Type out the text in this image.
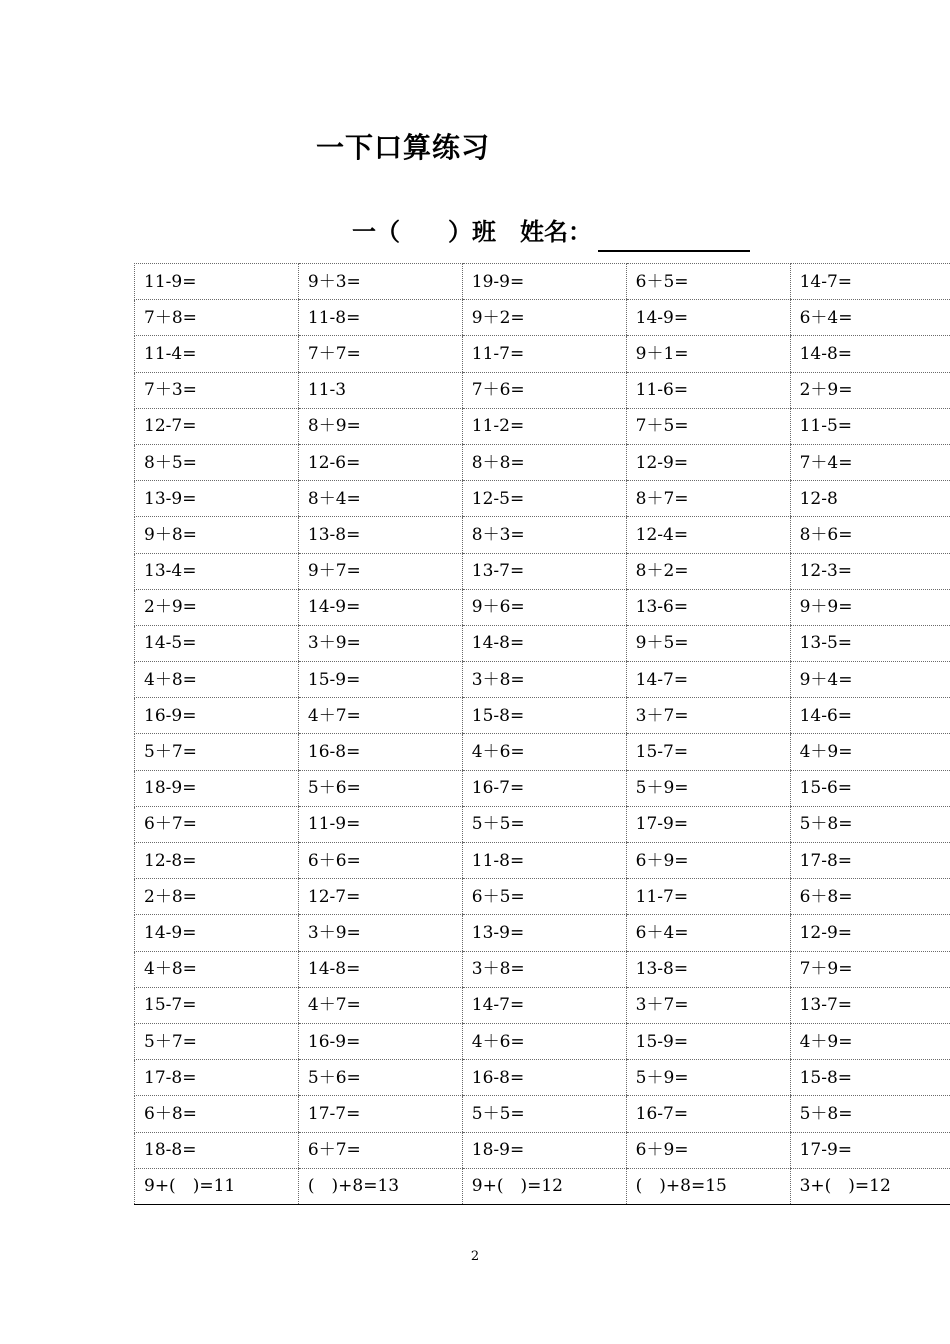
一下口算练习
一（　　）班 姓名：
11-9=	9＋3=	19-9=	6＋5=	14-7=
7＋8=	11-8=	9＋2=	14-9=	6＋4=
11-4=	7＋7=	11-7=	9＋1=	14-8=
7＋3=	11-3	7＋6=	11-6=	2＋9=
12-7=	8＋9=	11-2=	7＋5=	11-5=
8＋5=	12-6=	8＋8=	12-9=	7＋4=
13-9=	8＋4=	12-5=	8＋7=	12-8
9＋8=	13-8=	8＋3=	12-4=	8＋6=
13-4=	9＋7=	13-7=	8＋2=	12-3=
2＋9=	14-9=	9＋6=	13-6=	9＋9=
14-5=	3＋9=	14-8=	9＋5=	13-5=
4＋8=	15-9=	3＋8=	14-7=	9＋4=
16-9=	4＋7=	15-8=	3＋7=	14-6=
5＋7=	16-8=	4＋6=	15-7=	4＋9=
18-9=	5＋6=	16-7=	5＋9=	15-6=
6＋7=	11-9=	5＋5=	17-9=	5＋8=
12-8=	6＋6=	11-8=	6＋9=	17-8=
2＋8=	12-7=	6＋5=	11-7=	6＋8=
14-9=	3＋9=	13-9=	6＋4=	12-9=
4＋8=	14-8=	3＋8=	13-8=	7＋9=
15-7=	4＋7=	14-7=	3＋7=	13-7=
5＋7=	16-9=	4＋6=	15-9=	4＋9=
17-8=	5＋6=	16-8=	5＋9=	15-8=
6＋8=	17-7=	5＋5=	16-7=	5＋8=
18-8=	6＋7=	18-9=	6＋9=	17-9=
9+(　)=11	(　)+8=13	9+(　)=12	(　)+8=15	3+(　)=12
2
